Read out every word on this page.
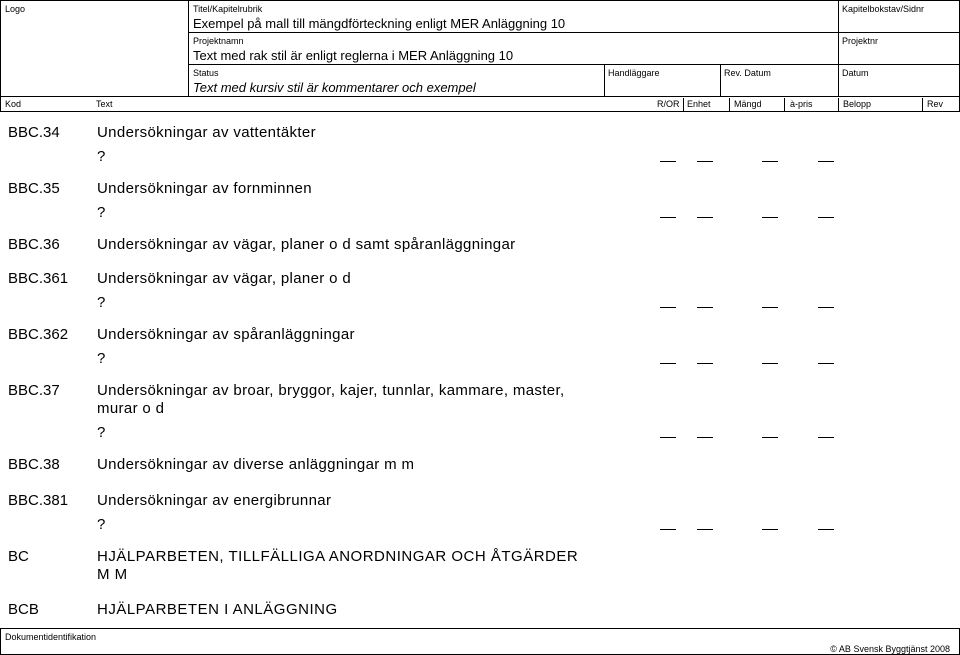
Logo	Titel/Kapitelrubrik
Exempel på mall till mängdförteckning enligt MER Anläggning 10
Kapitelbokstav/Sidnr
Projektnamn
Text med rak stil är enligt reglerna i MER Anläggning 10
Projektnr
Status
Text med kursiv stil är kommentarer och exempel
Handläggare	Rev. Datum	Datum
Kod	Text	R/OR Enhet	Mängd	à-pris	Belopp	Rev
BBC.34 Undersökningar av vattentäkter
?
BBC.35 Undersökningar av fornminnen
?
BBC.36 Undersökningar av vägar, planer o d samt spåranläggningar
BBC.361 Undersökningar av vägar, planer o d
?
BBC.362 Undersökningar av spåranläggningar
?
BBC.37 Undersökningar av broar, bryggor, kajer, tunnlar, kammare, master,
murar o d
?
BBC.38 Undersökningar av diverse anläggningar m m
BBC.381 Undersökningar av energibrunnar
?
BC	HJÄLPARBETEN, TILLFÄLLIGA ANORDNINGAR OCH ÅTGÄRDER
M M
BCB	HJÄLPARBETEN I ANLÄGGNING
Dokumentidentifikation
© AB Svensk Byggtjänst 2008
